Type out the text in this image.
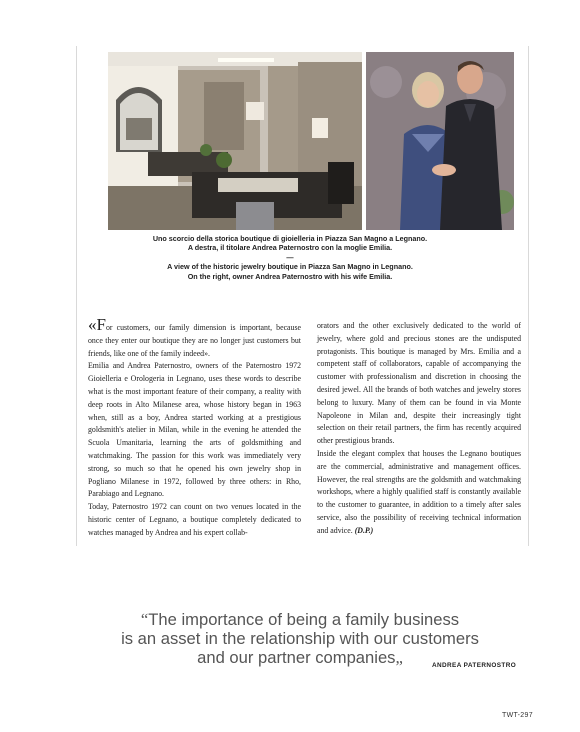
Uno scorcio della storica boutique di gioielleria in Piazza San Magno a Legnano.
A destra, il titolare Andrea Paternostro con la moglie Emilia.
—
A view of the historic jewelry boutique in Piazza San Magno in Legnano.
On the right, owner Andrea Paternostro with his wife Emilia.

«For customers, our family dimension is important, because once they enter our boutique they are no longer just customers but friends, like one of the family indeed».

Emilia and Andrea Paternostro, owners of the Paternostro 1972 Gioielleria e Orologeria in Legnano, uses these words to describe what is the most important feature of their company, a reality with deep roots in Alto Milanese area, whose history began in 1963 when, still as a boy, Andrea started working at a prestigious goldsmith's atelier in Milan, while in the evening he attended the Scuola Umanitaria, learning the arts of goldsmithing and watchmaking. The passion for this work was immediately very strong, so much so that he opened his own jewelry shop in Pogliano Milanese in 1972, followed by three others: in Rho, Parabiago and Legnano.

Today, Paternostro 1972 can count on two venues located in the historic center of Legnano, a boutique completely dedicated to watches managed by Andrea and his expert collab-

orators and the other exclusively dedicated to the world of jewelry, where gold and precious stones are the undisputed protagonists. This boutique is managed by Mrs. Emilia and a competent staff of collaborators, capable of accompanying the customer with professionalism and discretion in choosing the desired jewel. All the brands of both watches and jewelry stores belong to luxury. Many of them can be found in via Monte Napoleone in Milan and, despite their increasingly tight selection on their retail partners, the firm has recently acquired other prestigious brands.

Inside the elegant complex that houses the Legnano boutiques are the commercial, administrative and management offices. However, the real strengths are the goldsmith and watchmaking workshops, where a highly qualified staff is constantly available to the customer to guarantee, in addition to a timely after sales service, also the possibility of receiving technical information and advice. (D.P.)

“The importance of being a family business
is an asset in the relationship with our customers
and our partner companies„	ANDREA PATERNOSTRO
TWT-297
